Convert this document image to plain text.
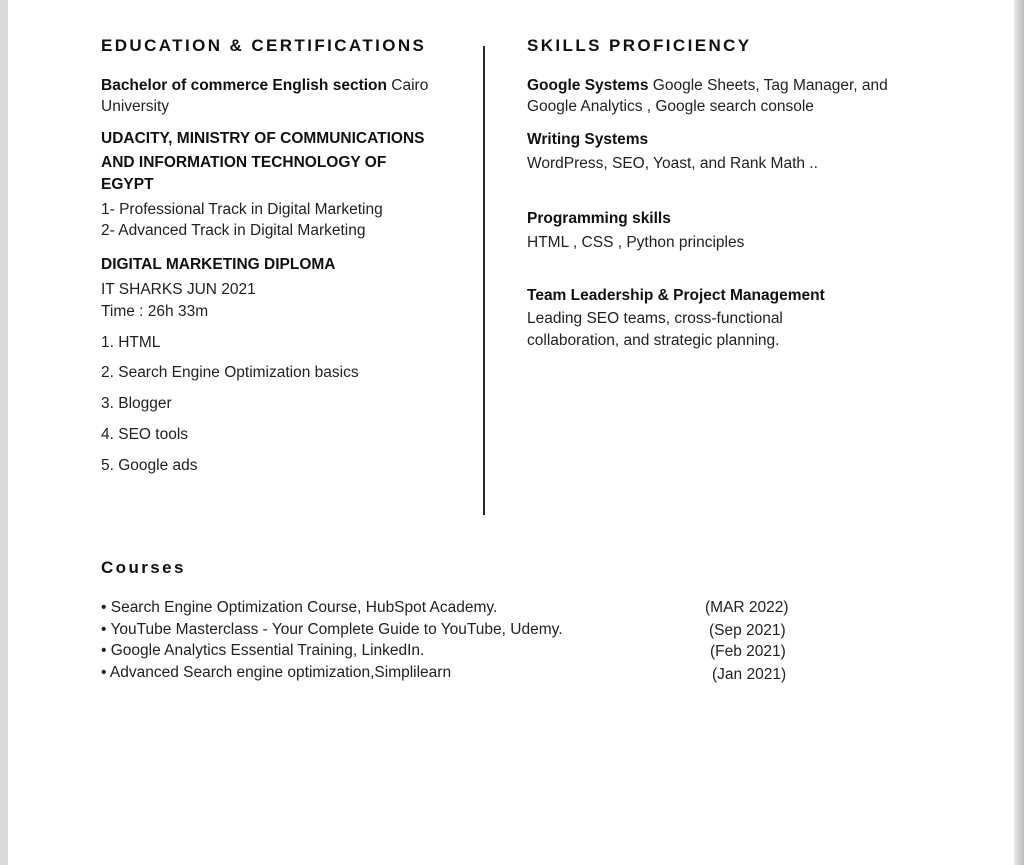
EDUCATION & CERTIFICATIONS
Bachelor of commerce English section Cairo
University
UDACITY, MINISTRY OF COMMUNICATIONS
AND INFORMATION TECHNOLOGY OF
EGYPT
1- Professional Track in Digital Marketing
2- Advanced Track in Digital Marketing
DIGITAL MARKETING DIPLOMA
IT SHARKS JUN 2021
Time : 26h 33m
1. HTML
2. Search Engine Optimization basics
3. Blogger
4. SEO tools
5. Google ads
SKILLS PROFICIENCY
Google Systems Google Sheets, Tag Manager, and
Google Analytics , Google search console
Writing Systems
WordPress, SEO, Yoast, and Rank Math ..
Programming skills
HTML , CSS , Python principles
Team Leadership & Project Management
Leading SEO teams, cross-functional
collaboration, and strategic planning.
Courses
• Search Engine Optimization Course, HubSpot Academy.	(MAR 2022)
• YouTube Masterclass - Your Complete Guide to YouTube, Udemy.	(Sep 2021)
• Google Analytics Essential Training, LinkedIn.	(Feb 2021)
• Advanced Search engine optimization,Simplilearn	(Jan 2021)
